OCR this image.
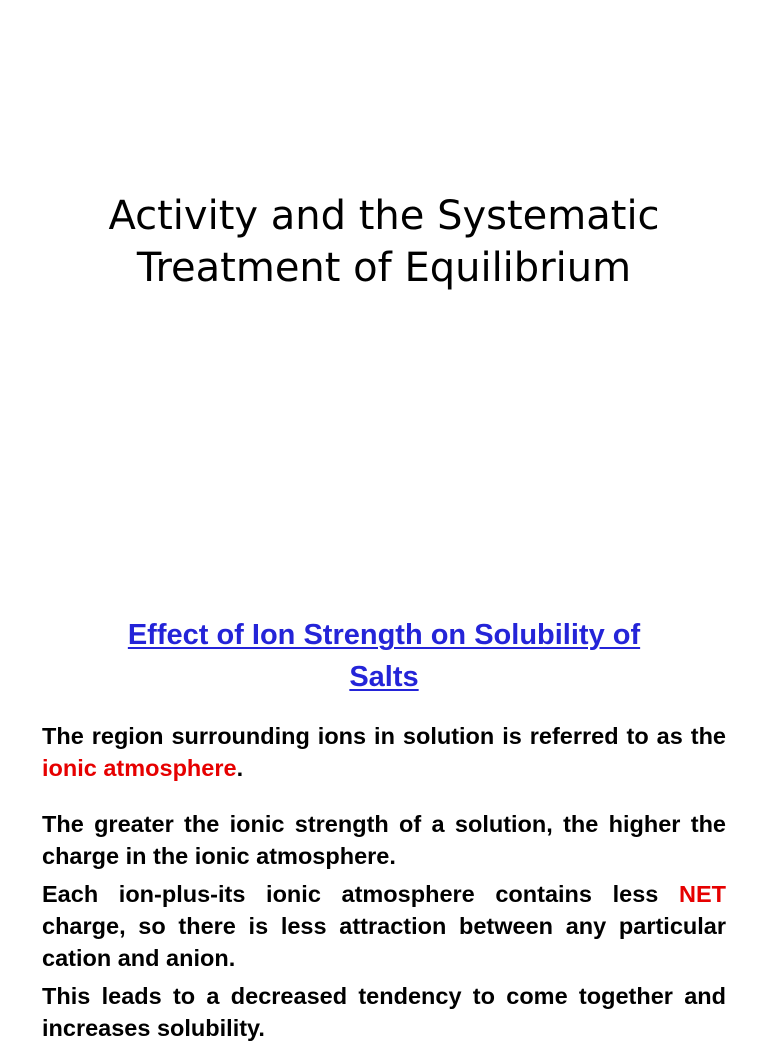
Activity and the Systematic
Treatment of Equilibrium
Effect of Ion Strength on Solubility of
Salts

The region surrounding ions in solution is referred to as the ionic atmosphere.

The greater the ionic strength of a solution, the higher the charge in the ionic atmosphere.

Each ion-plus-its ionic atmosphere contains less NET charge, so there is less attraction between any particular cation and anion.

This leads to a decreased tendency to come together and increases solubility.
